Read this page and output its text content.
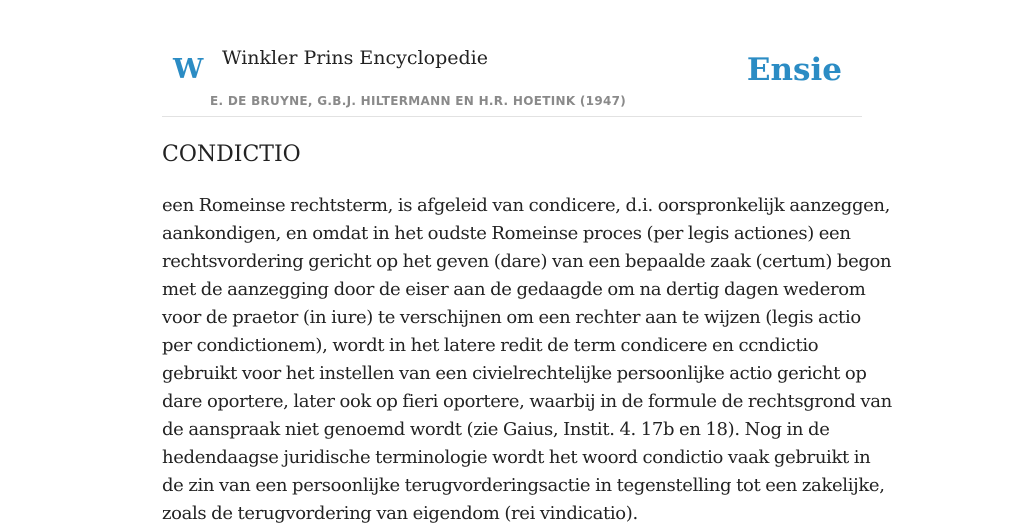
W Winkler Prins Encyclopedie
E. DE BRUYNE, G.B.J. HILTERMANN EN H.R. HOETINK (1947)
Ensie
CONDICTIO

een Romeinse rechtsterm, is afgeleid van condicere, d.i. oorspronkelijk aanzeggen,
aankondigen, en omdat in het oudste Romeinse proces (per legis actiones) een
rechtsvordering gericht op het geven (dare) van een bepaalde zaak (certum) begon
met de aanzegging door de eiser aan de gedaagde om na dertig dagen wederom
voor de praetor (in iure) te verschijnen om een rechter aan te wijzen (legis actio
per condictionem), wordt in het latere redit de term condicere en ccndictio
gebruikt voor het instellen van een civielrechtelijke persoonlijke actio gericht op
dare oportere, later ook op fieri oportere, waarbij in de formule de rechtsgrond van
de aanspraak niet genoemd wordt (zie Gaius, Instit. 4. 17b en 18). Nog in de
hedendaagse juridische terminologie wordt het woord condictio vaak gebruikt in
de zin van een persoonlijke terugvorderingsactie in tegenstelling tot een zakelijke,
zoals de terugvordering van eigendom (rei vindicatio).
